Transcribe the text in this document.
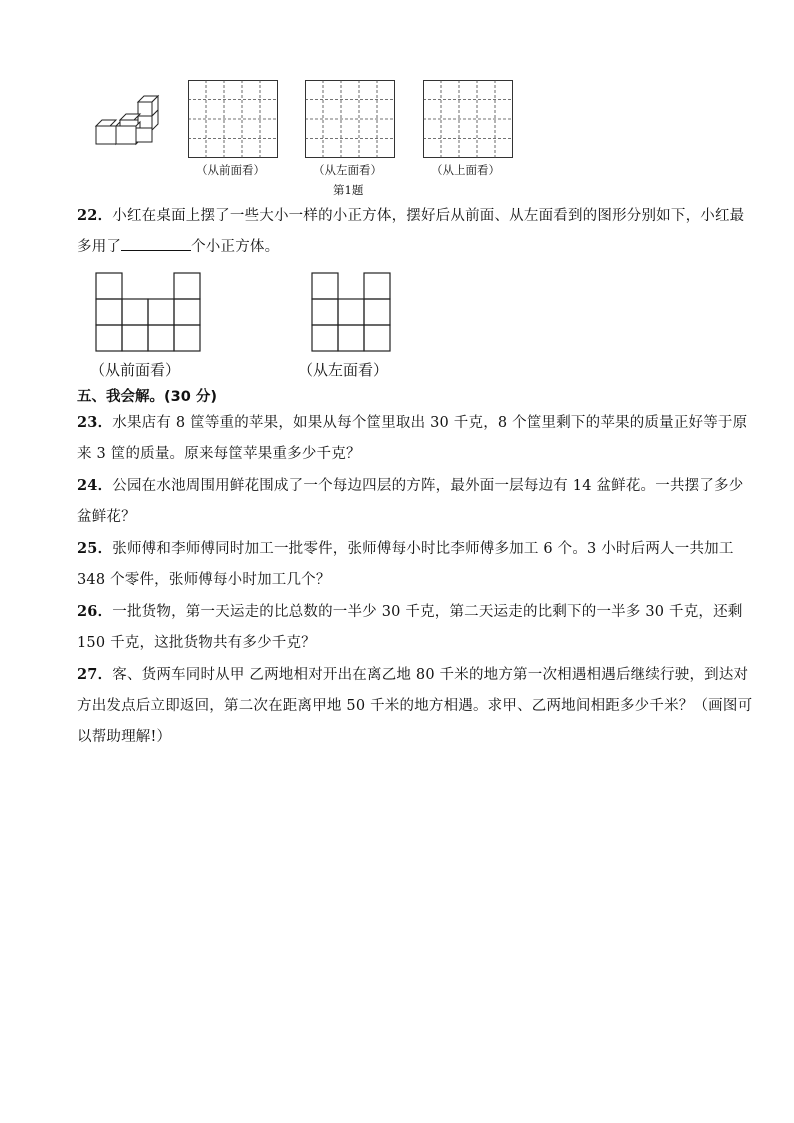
（从前面看）	（从左面看）	（从上面看）
第1题
22．小红在桌面上摆了一些大小一样的小正方体，摆好后从前面、从左面看到的图形分别如下，小红最多用了	个小正方体。
（从前面看）	（从左面看）
五、我会解。(30 分)
23．水果店有 8 筐等重的苹果，如果从每个筐里取出 30 千克，8 个筐里剩下的苹果的质量正好等于原来 3 筐的质量。原来每筐苹果重多少千克？
24．公园在水池周围用鲜花围成了一个每边四层的方阵，最外面一层每边有 14 盆鲜花。一共摆了多少盆鲜花？
25．张师傅和李师傅同时加工一批零件，张师傅每小时比李师傅多加工 6 个。3 小时后两人一共加工 348 个零件，张师傅每小时加工几个？
26．一批货物，第一天运走的比总数的一半少 30 千克，第二天运走的比剩下的一半多 30 千克，还剩 150 千克，这批货物共有多少千克？
27．客、货两车同时从甲 乙两地相对开出在离乙地 80 千米的地方第一次相遇相遇后继续行驶，到达对方出发点后立即返回，第二次在距离甲地 50 千米的地方相遇。求甲、乙两地间相距多少千米？（画图可以帮助理解!）
